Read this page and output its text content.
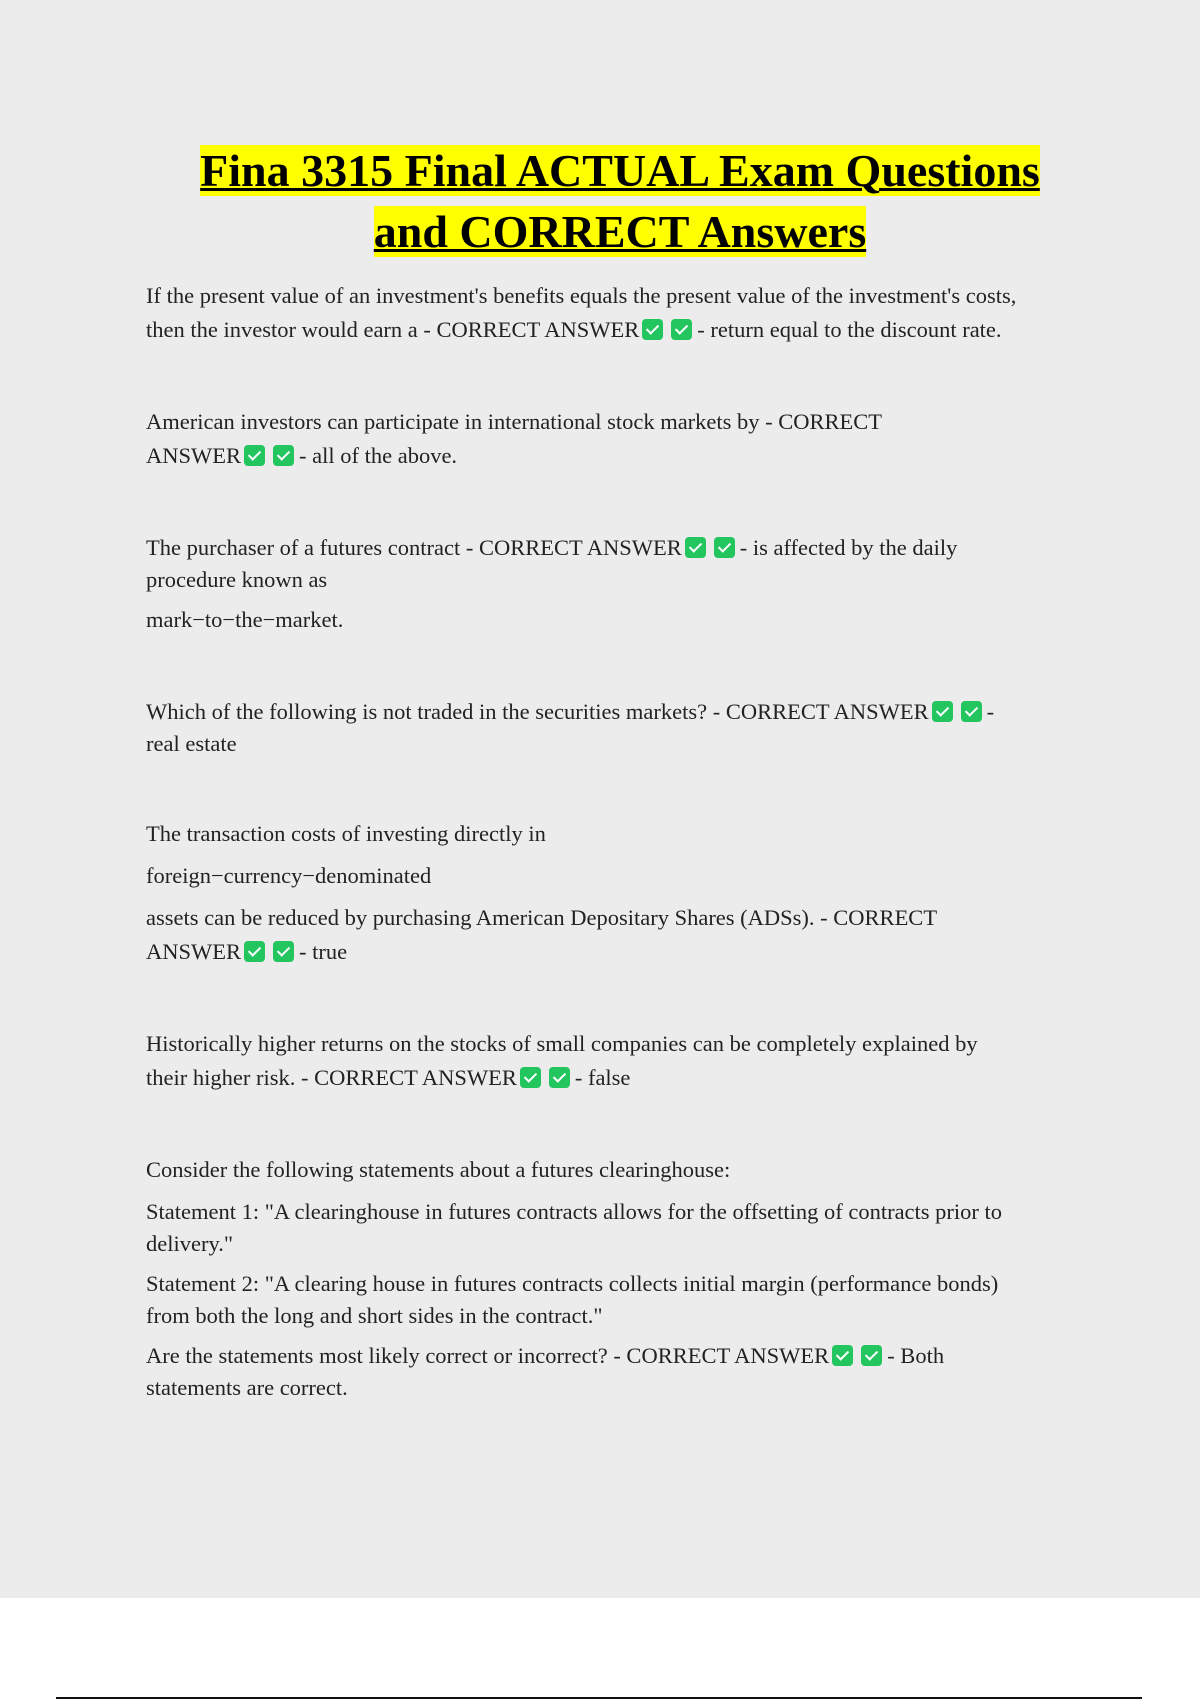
Fina 3315 Final ACTUAL Exam Questions
and CORRECT Answers
If the present value of an investment's benefits equals the present value of the investment's costs,
then the investor would earn a - CORRECT ANSWER	- return equal to the discount rate.
American investors can participate in international stock markets by - CORRECT
ANSWER	- all of the above.
The purchaser of a futures contract - CORRECT ANSWER	- is affected by the daily
procedure known as
mark−to−the−market.
Which of the following is not traded in the securities markets? - CORRECT ANSWER	-
real estate
The transaction costs of investing directly in
foreign−currency−denominated
assets can be reduced by purchasing American Depositary Shares (ADSs). - CORRECT
ANSWER	- true
Historically higher returns on the stocks of small companies can be completely explained by
their higher risk. - CORRECT ANSWER	- false
Consider the following statements about a futures clearinghouse:
Statement 1: "A clearinghouse in futures contracts allows for the offsetting of contracts prior to
delivery."
Statement 2: "A clearing house in futures contracts collects initial margin (performance bonds)
from both the long and short sides in the contract."
Are the statements most likely correct or incorrect? - CORRECT ANSWER	- Both
statements are correct.
